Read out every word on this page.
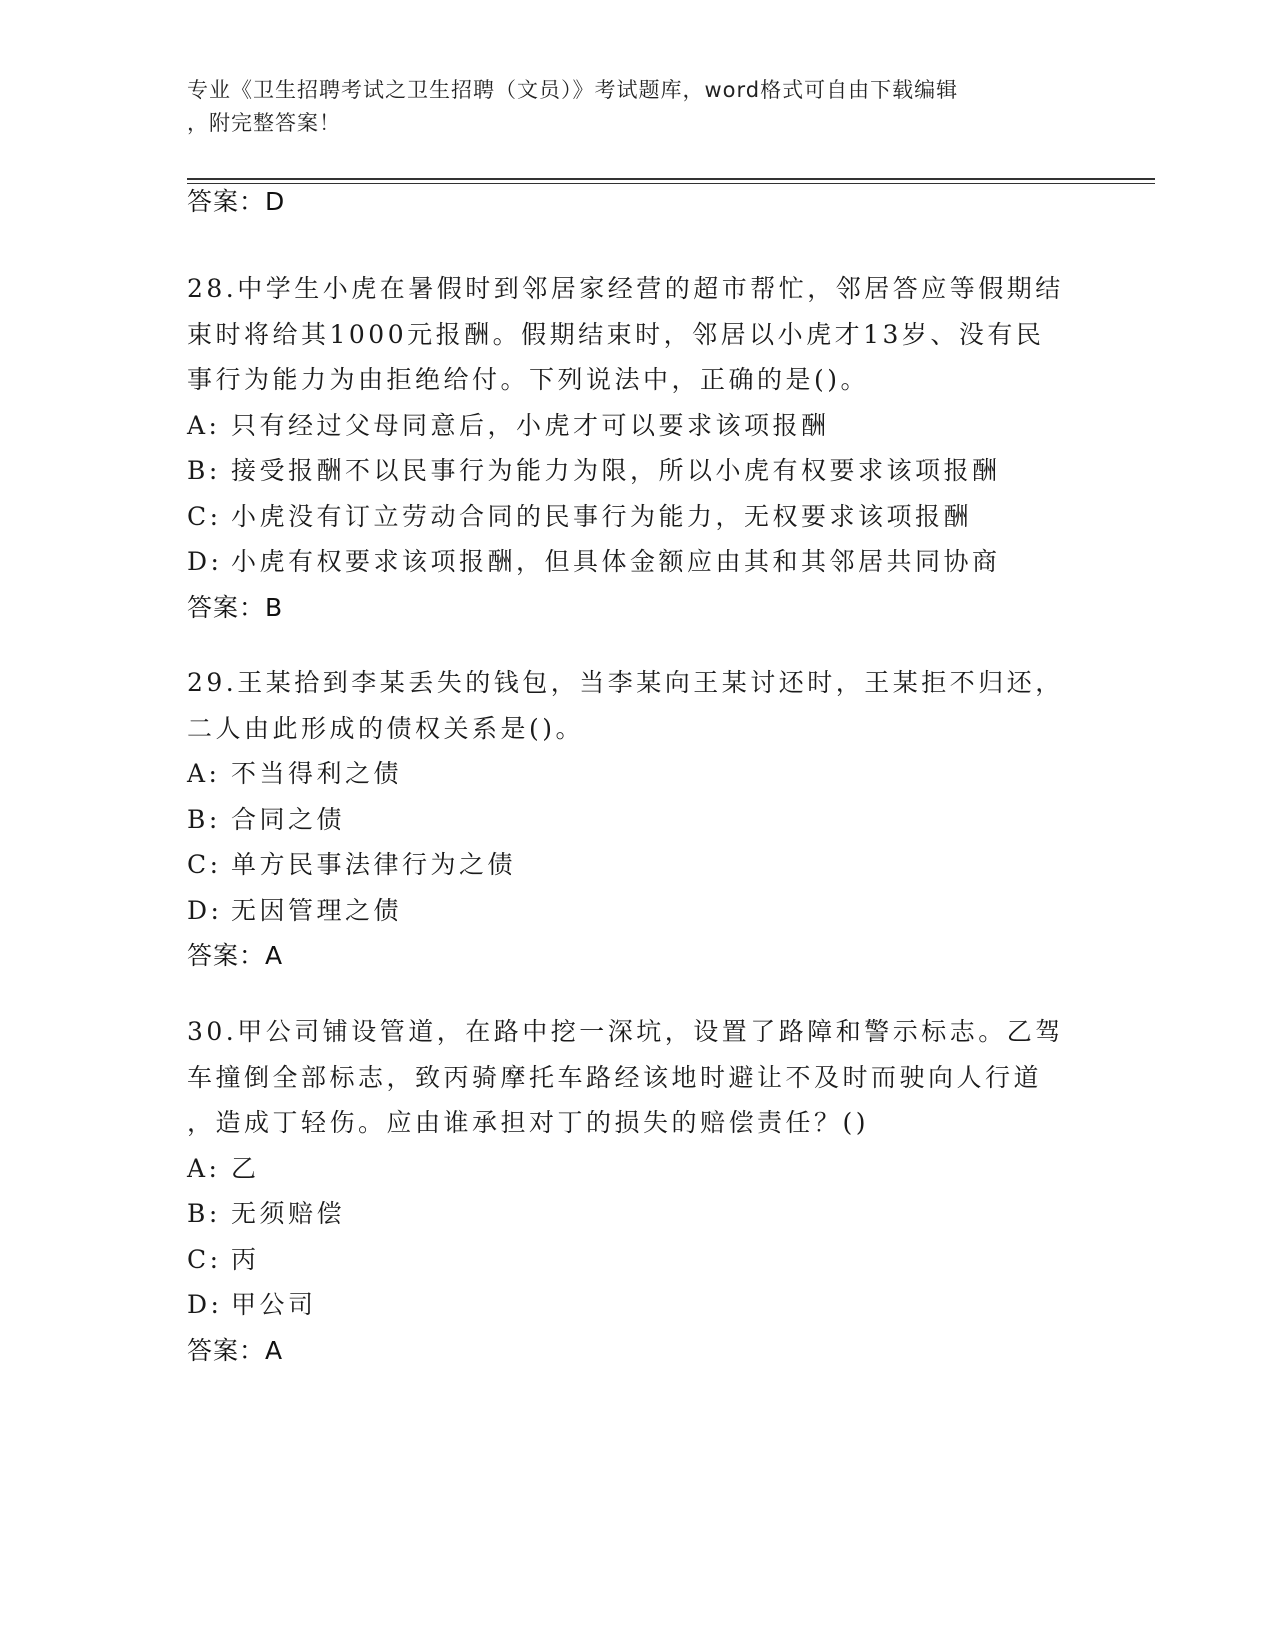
专业《卫生招聘考试之卫生招聘（文员）》考试题库，word格式可自由下载编辑
，附完整答案！
答案：D
28.中学生小虎在暑假时到邻居家经营的超市帮忙，邻居答应等假期结
束时将给其1000元报酬。假期结束时，邻居以小虎才13岁、没有民
事行为能力为由拒绝给付。下列说法中，正确的是()。
A: 只有经过父母同意后，小虎才可以要求该项报酬
B: 接受报酬不以民事行为能力为限，所以小虎有权要求该项报酬
C: 小虎没有订立劳动合同的民事行为能力，无权要求该项报酬
D: 小虎有权要求该项报酬，但具体金额应由其和其邻居共同协商
答案：B
29.王某拾到李某丢失的钱包，当李某向王某讨还时，王某拒不归还，
二人由此形成的债权关系是()。
A: 不当得利之债
B: 合同之债
C: 单方民事法律行为之债
D: 无因管理之债
答案：A
30.甲公司铺设管道，在路中挖一深坑，设置了路障和警示标志。乙驾
车撞倒全部标志，致丙骑摩托车路经该地时避让不及时而驶向人行道
，造成丁轻伤。应由谁承担对丁的损失的赔偿责任？()
A: 乙
B: 无须赔偿
C: 丙
D: 甲公司
答案：A
